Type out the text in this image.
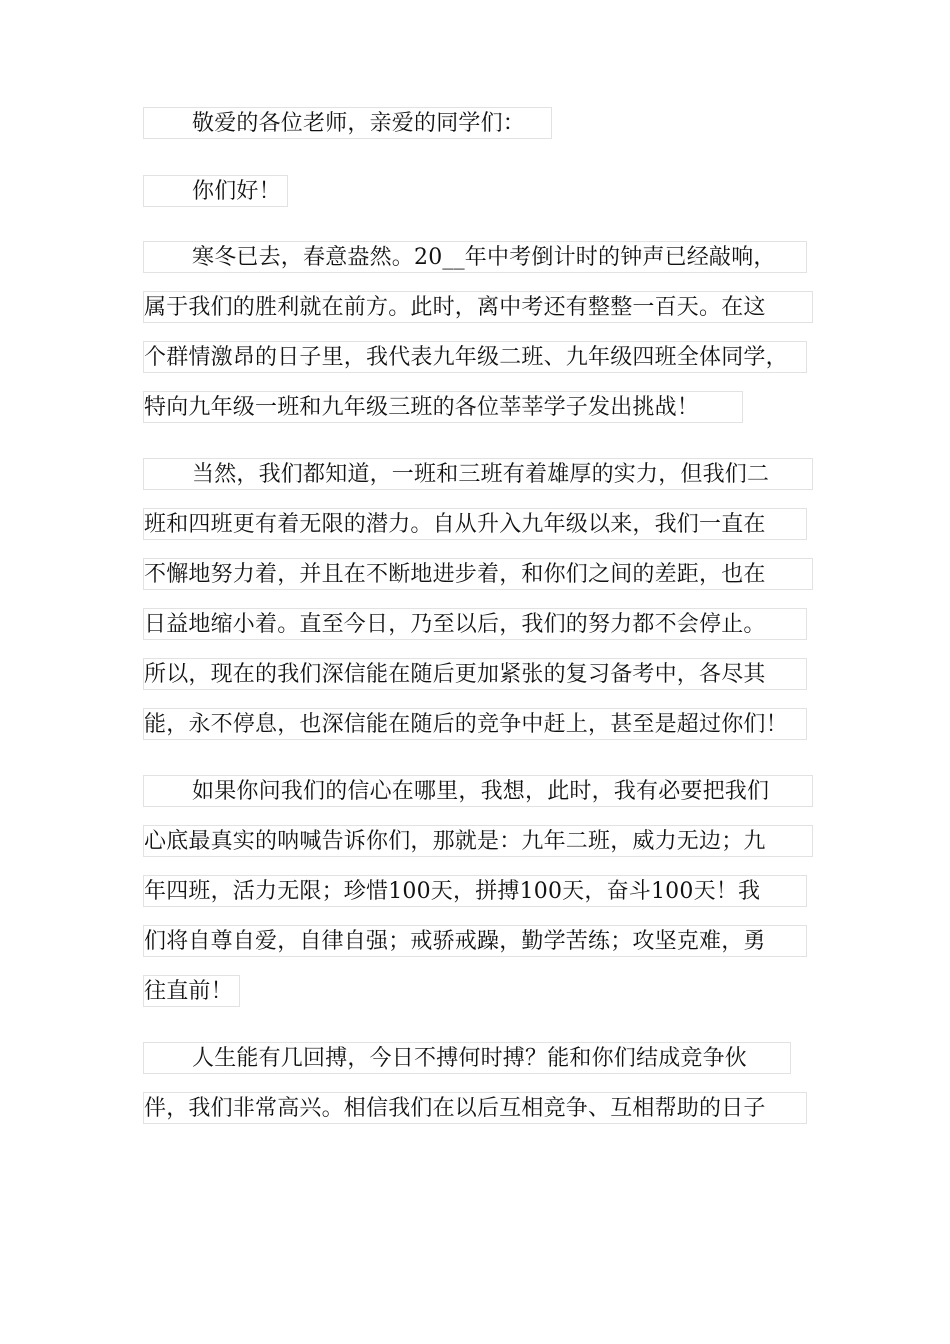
敬爱的各位老师，亲爱的同学们：
你们好！
寒冬已去，春意盎然。20__年中考倒计时的钟声已经敲响，
属于我们的胜利就在前方。此时，离中考还有整整一百天。在这
个群情激昂的日子里，我代表九年级二班、九年级四班全体同学，
特向九年级一班和九年级三班的各位莘莘学子发出挑战！
当然，我们都知道，一班和三班有着雄厚的实力，但我们二
班和四班更有着无限的潜力。自从升入九年级以来，我们一直在
不懈地努力着，并且在不断地进步着，和你们之间的差距，也在
日益地缩小着。直至今日，乃至以后，我们的努力都不会停止。
所以，现在的我们深信能在随后更加紧张的复习备考中，各尽其
能，永不停息，也深信能在随后的竞争中赶上，甚至是超过你们！
如果你问我们的信心在哪里，我想，此时，我有必要把我们
心底最真实的呐喊告诉你们，那就是：九年二班，威力无边；九
年四班，活力无限；珍惜100天，拼搏100天，奋斗100天！我
们将自尊自爱，自律自强；戒骄戒躁，勤学苦练；攻坚克难，勇
往直前！
人生能有几回搏，今日不搏何时搏？能和你们结成竞争伙
伴，我们非常高兴。相信我们在以后互相竞争、互相帮助的日子
